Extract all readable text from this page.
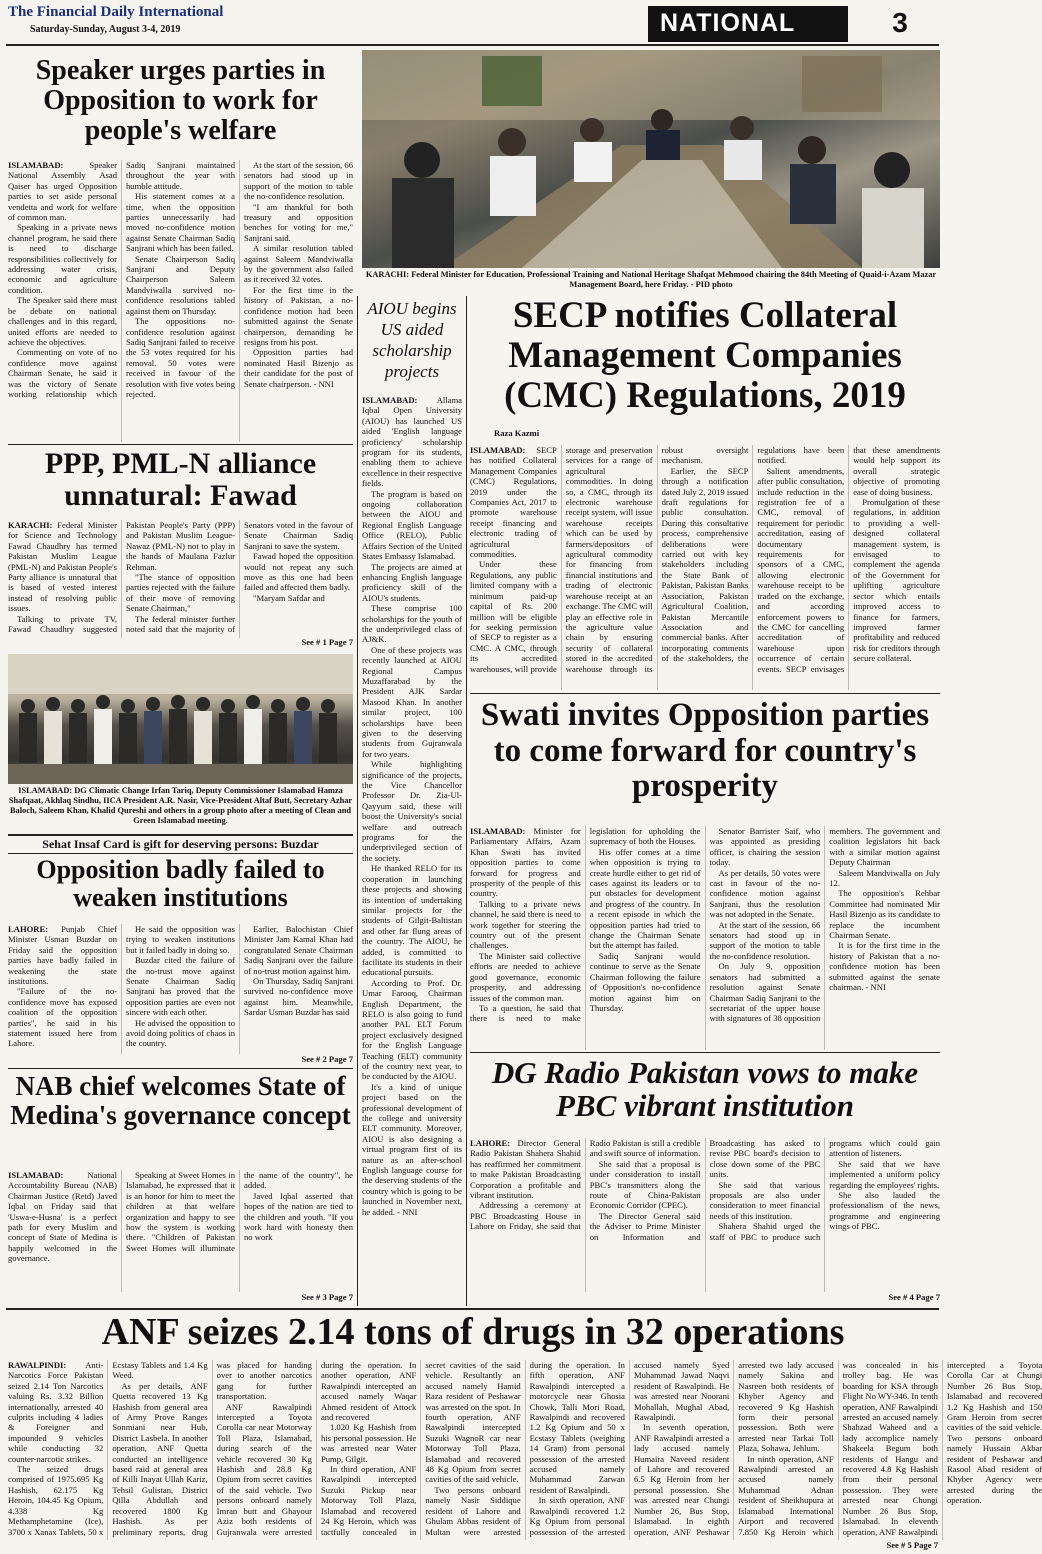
The Financial Daily International
Saturday-Sunday, August 3-4, 2019	NATIONAL	3
Speaker urges parties in Opposition to work for people's welfare

ISLAMABAD:	Speaker National Assembly Asad Qaiser has urged Opposition parties to set aside personal vendetta and work for welfare of common man.

Speaking in a private news channel program, he said there is need to discharge responsibilities collectively for addressing water crisis, economic and agriculture condition.

The Speaker said there must be debate on national challenges and in this regard, united efforts are needed to achieve the objectives.

Commenting on vote of no confidence move against Chairman Senate, he said it was the victory of Senate working relationship which Sadiq Sanjrani maintained throughout the year with humble attitude.

His statement comes at a time, when the opposition parties unnecessarily had moved no-confidence motion against Senate Chairman Sadiq Sanjrani which has been failed.

Senate Chairperson Sadiq Sanjrani and Deputy Chairperson Saleem Mandviwalla survived no-confidence resolutions tabled against them on Thursday.

The oppositions no-confidence resolution against Sadiq Sanjrani failed to receive the 53 votes required for his removal. 50 votes were received in favour of the resolution with five votes being rejected.

At the start of the session, 66 senators had stood up in support of the motion to table the no-confidence resolution.

"I am thankful for both treasury and opposition benches for voting for me," Sanjrani said.

A similar resolution tabled against Saleem Mandviwalla by the government also failed as it received 32 votes.

For the first time in the history of Pakistan, a no-confidence motion had been submitted against the Senate chairperson, demanding he resigns from his post.

Opposition parties had nominated Hasil Bizenjo as their candidate for the post of Senate chairperson. - NNI

KARACHI: Federal Minister for Education, Professional Training and National Heritage Shafqat Mehmood chairing the 84th Meeting of Quaid-i-Azam Mazar Management Board, here Friday. - PID photo
AIOU begins US aided scholarship projects

ISLAMABAD: Allama Iqbal Open University (AIOU) has launched US aided 'English language proficiency' scholarship program for its students, enabling them to achieve excellence in their respective fields.

The program is based on ongoing collaboration between the AIOU and Regional English Language Office (RELO), Public Affairs Section of the United States Embassy Islamabad.

The projects are aimed at enhancing English language proficiency skill of the AIOU's students.

These comprise 100 scholarships for the youth of the underprivileged class of AJ&K.

One of these projects was recently launched at AIOU Regional Campus Muzaffarabad by the President AJK Sardar Masood Khan. In another similar project, 100 scholarships have been given to the deserving students from Gujranwala for two years.

While highlighting significance of the projects, the Vice Chancellor Professor Dr. Zia-Ul-Qayyum said, these will boost the University's social welfare and outreach programs for the underprivileged section of the society.

He thanked RELO for its cooperation in launching these projects and showing its intention of undertaking similar projects for the students of Gilgit-Baltistan and other far flung areas of the country. The AIOU, he added, is committed to facilitate its students in their educational pursuits.

According to Prof. Dr. Umar Farooq, Chairman English Department, the RELO is also going to fund another PAL ELT Forum project exclusively designed for the English Language Teaching (ELT) community of the country next year, to be conducted by the AIOU.

It's a kind of unique project based on the professional development of the college and university ELT community. Moreover, AIOU is also designing a virtual program first of its nature as an after-school English language course for the deserving students of the country which is going to be launched in November next, he added. - NNI

SECP notifies Collateral Management Companies (CMC) Regulations, 2019
Raza Kazmi

ISLAMABAD: SECP has notified Collateral Management Companies (CMC) Regulations, 2019 under the Companies Act, 2017 to promote warehouse receipt financing and electronic trading of agricultural commodities.

Under these Regulations, any public limited company with a minimum paid-up capital of Rs. 200 million will be eligible for seeking permission of SECP to register as a CMC. A CMC, through its accredited warehouses, will provide storage and preservation services for a range of agricultural commodities. In doing so, a CMC, through its electronic warehouse receipt system, will issue warehouse receipts which can be used by farmers/depositors of agricultural commodity for financing from financial institutions and trading of electronic warehouse receipt at an exchange. The CMC will play an effective role in the agriculture value chain by ensuring security of collateral stored in the accredited warehouse through its robust oversight mechanism.

Earlier, the SECP through a notification dated July 2, 2019 issued draft regulations for public consultation. During this consultative process, comprehensive deliberations were carried out with key stakeholders including the State Bank of Pakistan, Pakistan Banks Association, Pakistan Agricultural Coalition, Pakistan Mercantile Association and commercial banks. After incorporating comments of the stakeholders, the regulations have been notified.

Salient amendments, after public consultation, include reduction in the registration fee of a CMC, removal of requirement for periodic accreditation, easing of documentary requirements for sponsors of a CMC, allowing electronic warehouse receipt to be traded on the exchange, and according enforcement powers to the CMC for cancelling accreditation of warehouse upon occurrence of certain events. SECP envisages that these amendments would help support its overall strategic objective of promoting ease of doing business.

Promulgation of these regulations, in addition to providing a well-designed collateral management system, is envisaged to complement the agenda of the Government for uplifting agriculture sector which entails improved access to finance for farmers, improved farmer profitability and reduced risk for creditors through secure collateral.

PPP, PML-N alliance unnatural: Fawad

KARACHI: Federal Minister for Science and Technology Fawad Chaudhry has termed Pakistan Muslim League (PML-N) and Pakistan People's Party alliance is unnatural that is based of vested interest instead of resolving public issues.

Talking to private TV, Fawad Chaudhry suggested Pakistan People's Party (PPP) and Pakistan Muslim League-Nawaz (PML-N) not to play in the hands of Maulana Fazlur Rehman.

"The stance of opposition parties rejected with the failure of their move of removing Senate Chairman,"

The federal minister further noted said that the majority of Senators voted in the favour of Senate Chairman Sadiq Sanjrani to save the system.

Fawad hoped the opposition would not repeat any such move as this one had been failed and affected them badly.

"Maryam Safdar and

See # 1 Page 7
ISLAMABAD: DG Climatic Change Irfan Tariq, Deputy Commissioner Islamabad Hamza Shafqaat, Akhlaq Sindhu, IICA President A.R. Nasir, Vice-President Altaf Butt, Secretary Azhar Baloch, Saleem Khan, Khalid Qureshi and others in a group photo after a meeting of Clean and Green Islamabad meeting.
Sehat Insaf Card is gift for deserving persons: Buzdar
Opposition badly failed to weaken institutions

LAHORE: Punjab Chief Minister Usman Buzdar on Friday said the opposition parties have badly failed in weakening the state institutions.

"Failure of the no-confidence move has exposed coalition of the opposition parties", he said in his statement issued here from Lahore.

He said the opposition was trying to weaken institutions but it failed badly in doing so.

Buzdar cited the failure of the no-trust move against Senate Chairman Sadiq Sanjrani has proved that the opposition parties are even not sincere with each other.

He advised the opposition to avoid doing politics of chaos in the country.

Earlier, Balochistan Chief Minister Jam Kamal Khan had congratulated Senate Chairman Sadiq Sanjrani over the failure of no-trust motion against him.

On Thursday, Sadiq Sanjrani survived no-confidence move against him. Meanwhile, Sardar Usman Buzdar has said

See # 2 Page 7
Swati invites Opposition parties to come forward for country's prosperity

ISLAMABAD: Minister for Parliamentary Affairs, Azam Khan Swati has invited opposition parties to come forward for progress and prosperity of the people of this country.

Talking to a private news channel, he said there is need to work together for steering the country out of the present challenges.

The Minister said collective efforts are needed to achieve good governance, economic prosperity, and addressing issues of the common man.

To a question, he said that there is need to make legislation for upholding the supremacy of both the Houses.

His offer comes at a time when opposition is trying to create hurdle either to get rid of cases against its leaders or to put obstacles for development and progress of the country. In a recent episode in which the opposition parties had tried to change the Chairman Senate but the attempt has failed.

Sadiq Sanjrani would continue to serve as the Senate Chairman following the failure of Opposition's no-confidence motion against him on Thursday.

Senator Barrister Saif, who was appointed as presiding officer, is chairing the session today.

As per details, 50 votes were cast in favour of the no-confidence motion against Sanjrani, thus the resolution was not adopted in the Senate.

At the start of the session, 66 senators had stood up in support of the motion to table the no-confidence resolution.

On July 9, opposition senators had submitted a resolution against Senate Chairman Sadiq Sanjrani to the secretariat of the upper house with signatures of 38 opposition members. The government and coalition legislators hit back with a similar motion against Deputy Chairman

Saleem Mandviwalla on July 12.

The opposition's Rehbar Committee had nominated Mir Hasil Bizenjo as its candidate to replace the incumbent Chairman Senate.

It is for the first time in the history of Pakistan that a no-confidence motion has been submitted against the senate chairman. - NNI

NAB chief welcomes State of Medina's governance concept

ISLAMABAD:	National Accountability Bureau (NAB) Chairman Justice (Retd) Javed Iqbal on Friday said that 'Uswa-e-Husna' is a perfect path for every Muslim and concept of State of Medina is happily welcomed in the governance.

Speaking at Sweet Homes in Islamabad, he expressed that it is an honor for him to meet the children at that welfare organization and happy to see how the system is working there. "Children of Pakistan Sweet Homes will illuminate the name of the country", he added.

Javed Iqbal asserted that hopes of the nation are tied to the children and youth. "If you work hard with honesty then no work

See # 3 Page 7
DG Radio Pakistan vows to make PBC vibrant institution

LAHORE: Director General Radio Pakistan Shahera Shahid has reaffirmed her commitment to make Pakistan Broadcasting Corporation a profitable and vibrant institution.

Addressing a ceremony at PBC Broadcasting House in Lahore on Friday, she said that Radio Pakistan is still a credible and swift source of information.

She said that a proposal is under consideration to install PBC's transmitters along the route of China-Pakistan Economic Corridor (CPEC).

The Director General said the Adviser to Prime Minister on Information and Broadcasting has asked to revise PBC board's decision to close down some of the PBC units.

She said that various proposals are also under consideration to meet financial needs of this institution.

Shahera Shahid urged the staff of PBC to produce such programs which could gain attention of listeners.

She said that we have implemented a uniform policy regarding the employees' rights.

She also lauded the professionalism of the news, programme and engineering wings of PBC.

See # 4 Page 7
ANF seizes 2.14 tons of drugs in 32 operations

RAWALPINDI: Anti-Narcotics Force Pakistan seized 2.14 Ton Narcotics valuing Rs. 3.32 Billion internationally, arrested 40 culprits including 4 ladies & Foreigner and impounded 9 vehicles while conducting 32 counter-narcotic strikes.

The seized drugs comprised of 1975.695 Kg Hashish, 62.175 Kg Heroin, 104.45 Kg Opium, 4.338 Kg Methamphetamine (Ice), 3700 x Xanax Tablets, 50 x Ecstasy Tablets and 1.4 Kg Weed.

As per details, ANF Quetta recovered 13 Kg Hashish from general area of Army Prove Ranges Sonmiani near Hub, District Lasbela. In another operation, ANF Quetta conducted an intelligence based raid at general area of Killi Inayat Ullah Kariz, Tehsil Gulistan, District Qilla Abdullah and recovered 1800 Kg Hashish. As per preliminary reports, drug was placed for handing over to another narcotics gang for further transportation.

ANF Rawalpindi intercepted a Toyota Corolla car near Motorway Toll Plaza, Islamabad, during search of the vehicle recovered 30 Kg Hashish and 28.8 Kg Opium from secret cavities of the said vehicle. Two persons onboard namely Imran butt and Ghayour Aziz both residents of Gujranwala were arrested during the operation. In another operation, ANF Rawalpindi intercepted an accused namely Waqar Ahmed resident of Attock and recovered

1.020 Kg Hashish from his personal possession. He was arrested near Water Pump, Gilgit.

In third operation, ANF Rawalpindi intercepted Suzuki Pickup near Motorway Toll Plaza, Islamabad and recovered 24 Kg Heroin, which was tactfully concealed in secret cavities of the said vehicle. Resultantly an accused namely Hamid Raza resident of Peshawar was arrested on the spot. In fourth operation, ANF Rawalpindi intercepted Suzuki WagnoR car near Motorway Toll Plaza, Islamabad and recovered 48 Kg Opium from secret cavities of the said vehicle.

Two persons onboard namely Nasir Siddique resident of Lahore and Ghulam Abbas resident of Multan were arrested during the operation. In fifth operation, ANF Rawalpindi intercepted a motorcycle near Ghosia Chowk, Talli Mori Road, Rawalpindi and recovered 1.2 Kg Opium and 50 x Ecstasy Tablets (weighing 14 Gram) from personal possession of the arrested accused namely Muhammad Zarwan resident of Rawalpindi.

In sixth operation, ANF Rawalpindi recovered 1.2 Kg Opium from personal possession of the arrested accused namely Syed Muhammad Jawad Naqvi resident of Rawalpindi. He was arrested near Noorani Mohallah, Mughal Abad, Rawalpindi.

In seventh operation, ANF Rawalpindi arrested a lady accused namely Humaira Naveed resident of Lahore and recovered 6.5 Kg Heroin from her personal possession. She was arrested near Chungi Number 26, Bus Stop, Islamabad. In eighth operation, ANF Peshawar arrested two lady accused namely Sakina and Nasreen both residents of Khyber Agency and recovered 9 Kg Hashish form their personal possession. Both were arrested near Tarkai Toll Plaza, Sohawa, Jehlum.

In ninth operation, ANF Rawalpindi arrested an accused namely Muhammad Adnan resident of Sheikhupura at Islamabad International Airport and recovered 7.850 Kg Heroin which was concealed in his trolley bag. He was boarding for KSA through Flight No WY-346. In tenth operation, ANF Rawalpindi arrested an accused namely Shahzad Waheed and a lady accomplice namely Shakeela Begum both residents of Hangu and recovered 4.8 Kg Hashish from their personal possession. They were arrested near Chungi Number 26 Bus Stop, Islamabad. In eleventh operation, ANF Rawalpindi intercepted a Toyota Corolla Car at Chungi Number 26 Bus Stop, Islamabad and recovered 1.2 Kg Hashish and 150 Gram Heroin from secret cavities of the said vehicle. Two persons onboard namely Hussain Akbar resident of Peshawar and Rasool Abad resident of Khyber Agency were arrested during the operation.

See # 5 Page 7
